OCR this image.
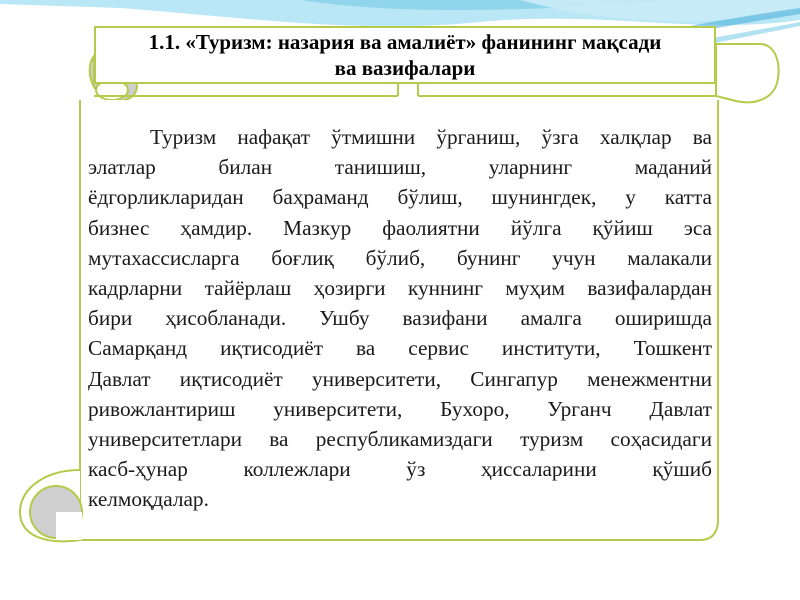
1.1. «Туризм: назария ва амалиёт» фанининг мақсади
ва вазифалари
Туризм нафақат ўтмишни ўрганиш, ўзга халқлар ва
элатлар билан танишиш, уларнинг маданий
ёдгорликларидан баҳраманд бўлиш, шунингдек, у катта
бизнес ҳамдир. Мазкур фаолиятни йўлга қўйиш эса
мутахассисларга боғлиқ бўлиб, бунинг учун малакали
кадрларни тайёрлаш ҳозирги куннинг муҳим вазифалардан
бири ҳисобланади. Ушбу вазифани амалга оширишда
Самарқанд иқтисодиёт ва сервис институти, Тошкент
Давлат иқтисодиёт университети, Сингапур менежментни
ривожлантириш университети, Бухоро, Урганч Давлат
университетлари ва республикамиздаги туризм соҳасидаги
касб-ҳунар коллежлари ўз ҳиссаларини қўшиб
келмоқдалар.
